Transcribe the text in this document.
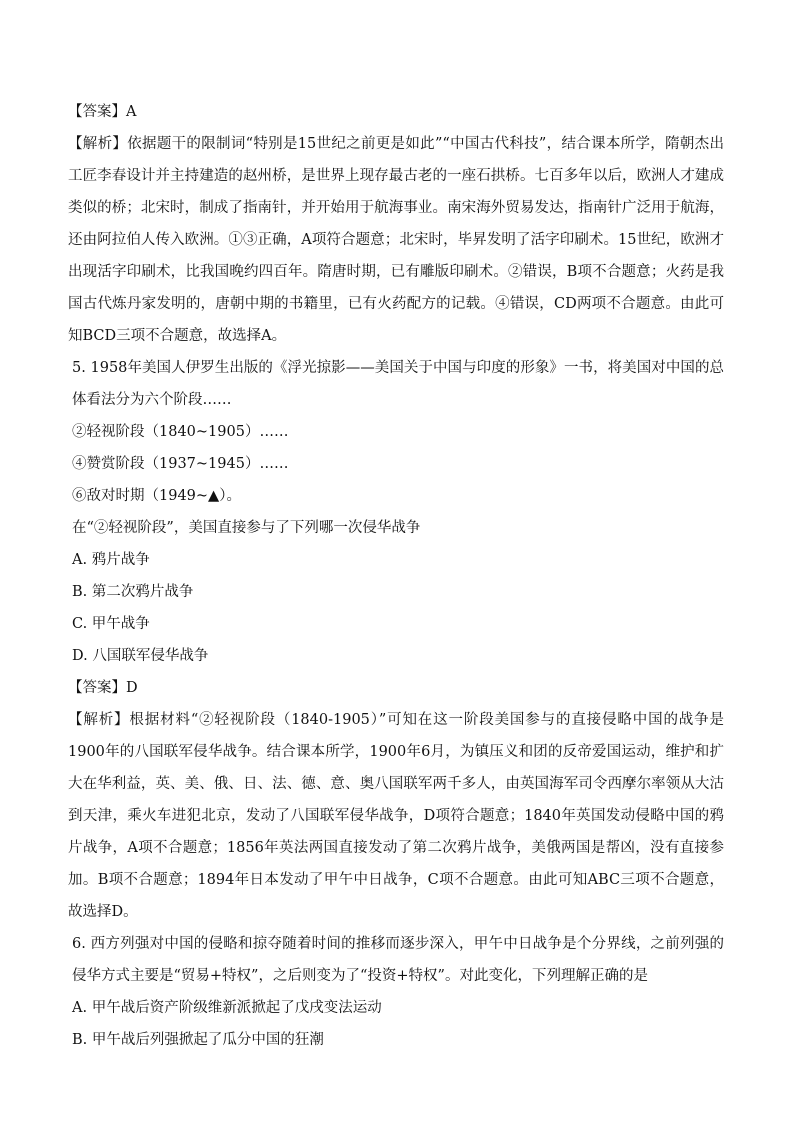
【答案】A

【解析】依据题干的限制词“特别是15世纪之前更是如此”“中国古代科技”，结合课本所学，隋朝杰出工匠李春设计并主持建造的赵州桥，是世界上现存最古老的一座石拱桥。七百多年以后，欧洲人才建成类似的桥；北宋时，制成了指南针，并开始用于航海事业。南宋海外贸易发达，指南针广泛用于航海，还由阿拉伯人传入欧洲。①③正确，A项符合题意；北宋时，毕昇发明了活字印刷术。15世纪，欧洲才出现活字印刷术，比我国晚约四百年。隋唐时期，已有雕版印刷术。②错误，B项不合题意；火药是我国古代炼丹家发明的，唐朝中期的书籍里，已有火药配方的记载。④错误，CD两项不合题意。由此可知BCD三项不合题意，故选择A。

5. 1958年美国人伊罗生出版的《浮光掠影——美国关于中国与印度的形象》一书，将美国对中国的总体看法分为六个阶段……

②轻视阶段（1840~1905）……

④赞赏阶段（1937~1945）……

⑥敌对时期（1949~▲）。

在“②轻视阶段”，美国直接参与了下列哪一次侵华战争

A. 鸦片战争

B. 第二次鸦片战争

C. 甲午战争

D. 八国联军侵华战争

【答案】D

【解析】根据材料“②轻视阶段（1840-1905）”可知在这一阶段美国参与的直接侵略中国的战争是1900年的八国联军侵华战争。结合课本所学，1900年6月，为镇压义和团的反帝爱国运动，维护和扩大在华利益，英、美、俄、日、法、德、意、奥八国联军两千多人，由英国海军司令西摩尔率领从大沽到天津，乘火车进犯北京，发动了八国联军侵华战争，D项符合题意；1840年英国发动侵略中国的鸦片战争，A项不合题意；1856年英法两国直接发动了第二次鸦片战争，美俄两国是帮凶，没有直接参加。B项不合题意；1894年日本发动了甲午中日战争，C项不合题意。由此可知ABC三项不合题意，故选择D。

6. 西方列强对中国的侵略和掠夺随着时间的推移而逐步深入，甲午中日战争是个分界线，之前列强的侵华方式主要是“贸易+特权”，之后则变为了“投资+特权”。对此变化，下列理解正确的是

A. 甲午战后资产阶级维新派掀起了戊戌变法运动

B. 甲午战后列强掀起了瓜分中国的狂潮
